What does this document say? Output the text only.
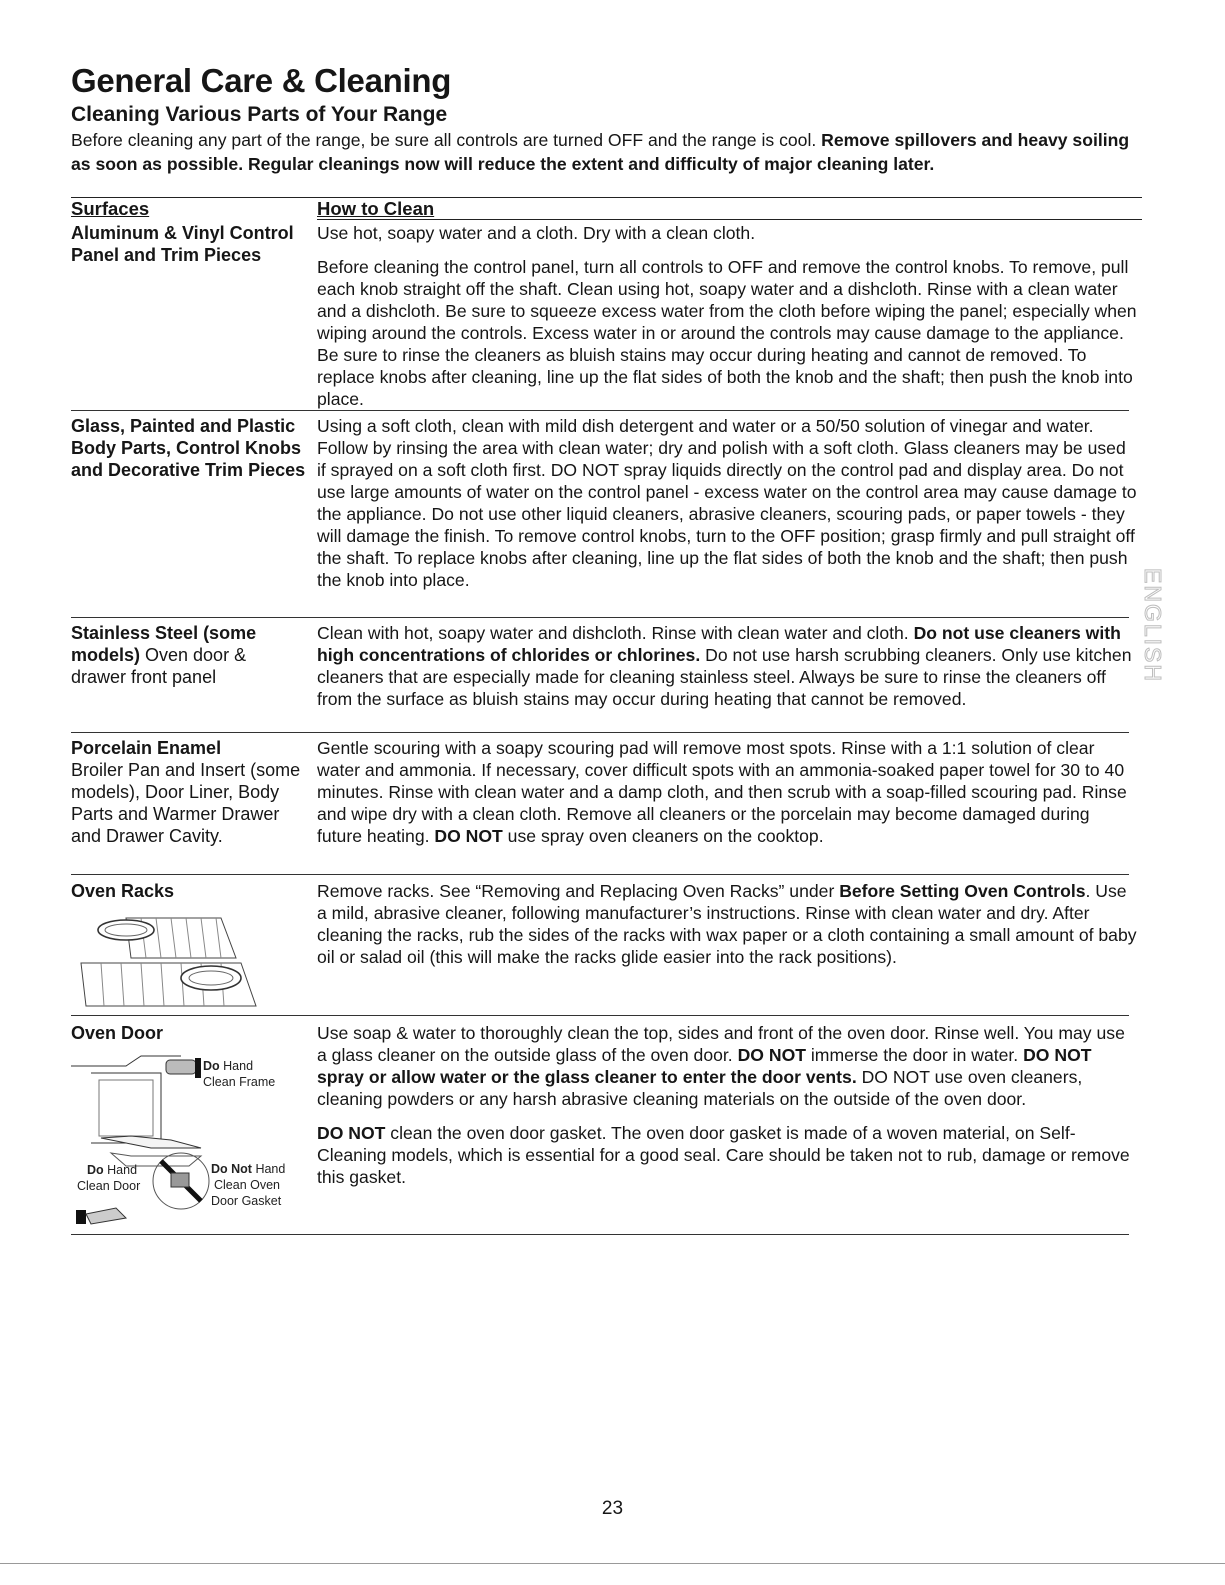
General Care & Cleaning
Cleaning Various Parts of Your Range

Before cleaning any part of the range, be sure all controls are turned OFF and the range is cool. Remove spillovers and heavy soiling as soon as possible. Regular cleanings now will reduce the extent and difficulty of major cleaning later.

Surfaces	How to Clean
Aluminum & Vinyl Control Panel and Trim Pieces

Use hot, soapy water and a cloth. Dry with a clean cloth.

Before cleaning the control panel, turn all controls to OFF and remove the control knobs. To remove, pull each knob straight off the shaft. Clean using hot, soapy water and a dishcloth. Rinse with a clean water and a dishcloth. Be sure to squeeze excess water from the cloth before wiping the panel; especially when wiping around the controls. Excess water in or around the controls may cause damage to the appliance. Be sure to rinse the cleaners as bluish stains may occur during heating and cannot de removed. To replace knobs after cleaning, line up the flat sides of both the knob and the shaft; then push the knob into place.

Glass, Painted and Plastic Body Parts, Control Knobs and Decorative Trim Pieces

Using a soft cloth, clean with mild dish detergent and water or a 50/50 solution of vinegar and water. Follow by rinsing the area with clean water; dry and polish with a soft cloth. Glass cleaners may be used if sprayed on a soft cloth first. DO NOT spray liquids directly on the control pad and display area. Do not use large amounts of water on the control panel - excess water on the control area may cause damage to the appliance. Do not use other liquid cleaners, abrasive cleaners, scouring pads, or paper towels - they will damage the finish. To remove control knobs, turn to the OFF position; grasp firmly and pull straight off the shaft. To replace knobs after cleaning, line up the flat sides of both the knob and the shaft; then push the knob into place.

Stainless Steel (some models) Oven door & drawer front panel

Clean with hot, soapy water and dishcloth. Rinse with clean water and cloth. Do not use cleaners with high concentrations of chlorides or chlorines. Do not use harsh scrubbing cleaners. Only use kitchen cleaners that are especially made for cleaning stainless steel. Always be sure to rinse the cleaners off from the surface as bluish stains may occur during heating that cannot be removed.

Porcelain Enamel
Broiler Pan and Insert (some models), Door Liner, Body Parts and Warmer Drawer and Drawer Cavity.

Gentle scouring with a soapy scouring pad will remove most spots. Rinse with a 1:1 solution of clear water and ammonia. If necessary, cover difficult spots with an ammonia-soaked paper towel for 30 to 40 minutes. Rinse with clean water and a damp cloth, and then scrub with a soap-filled scouring pad. Rinse and wipe dry with a clean cloth. Remove all cleaners or the porcelain may become damaged during future heating. DO NOT use spray oven cleaners on the cooktop.

Oven Racks	Remove racks. See “Removing and Replacing Oven Racks” under Before Setting Oven Controls. Use a mild, abrasive cleaner, following manufacturer’s instructions. Rinse with clean water and dry. After cleaning the racks, rub the sides of the racks with wax paper or a cloth containing a small amount of baby oil or salad oil (this will make the racks glide easier into the rack positions).

Oven Door
Do Hand
Clean Frame
Do Hand
Clean Door
Do Not Hand
Clean Oven
Door Gasket

Use soap & water to thoroughly clean the top, sides and front of the oven door. Rinse well. You may use a glass cleaner on the outside glass of the oven door. DO NOT immerse the door in water. DO NOT spray or allow water or the glass cleaner to enter the door vents. DO NOT use oven cleaners, cleaning powders or any harsh abrasive cleaning materials on the outside of the oven door.

DO NOT clean the oven door gasket. The oven door gasket is made of a woven material, on Self-Cleaning models, which is essential for a good seal. Care should be taken not to rub, damage or remove this gasket.

ENGLISH
23
